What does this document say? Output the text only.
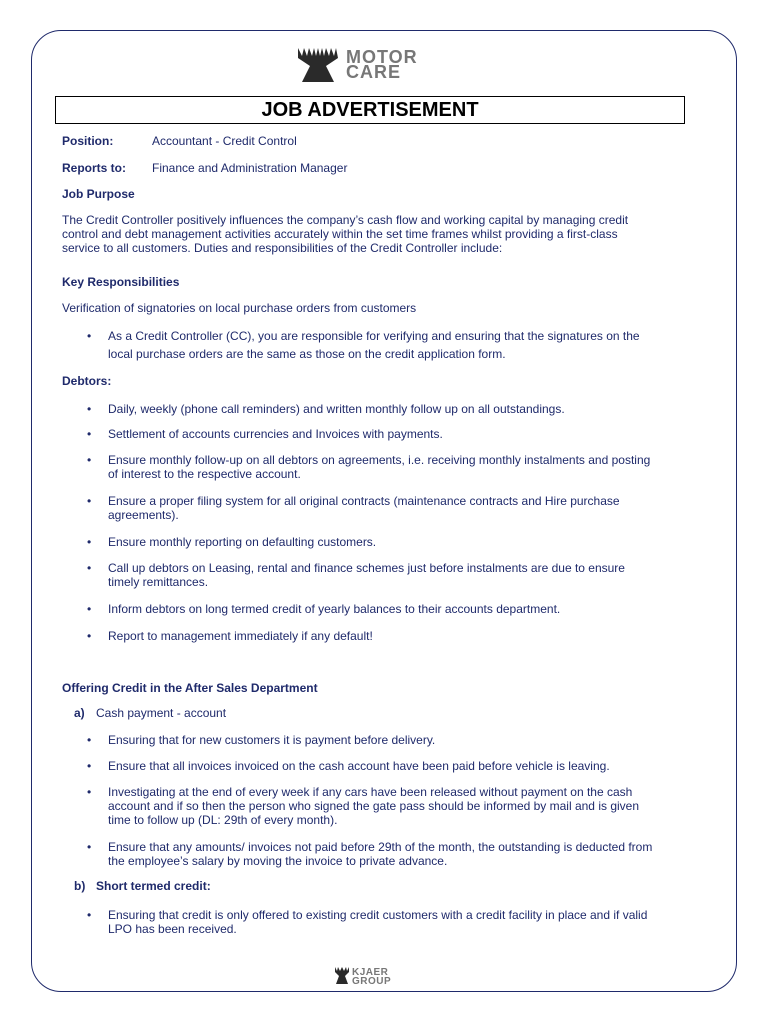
MOTOR
CARE
JOB ADVERTISEMENT
Position:	Accountant - Credit Control
Reports to: Finance and Administration Manager
Job Purpose
The Credit Controller positively influences the company’s cash flow and working capital by managing credit
control and debt management activities accurately within the set time frames whilst providing a first-class
service to all customers. Duties and responsibilities of the Credit Controller include:
Key Responsibilities
Verification of signatories on local purchase orders from customers
• As a Credit Controller (CC), you are responsible for verifying and ensuring that the signatures on the
local purchase orders are the same as those on the credit application form.
Debtors:
• Daily, weekly (phone call reminders) and written monthly follow up on all outstandings.
• Settlement of accounts currencies and Invoices with payments.
• Ensure monthly follow-up on all debtors on agreements, i.e. receiving monthly instalments and posting
of interest to the respective account.
• Ensure a proper filing system for all original contracts (maintenance contracts and Hire purchase
agreements).
• Ensure monthly reporting on defaulting customers.
• Call up debtors on Leasing, rental and finance schemes just before instalments are due to ensure
timely remittances.
• Inform debtors on long termed credit of yearly balances to their accounts department.
• Report to management immediately if any default!
Offering Credit in the After Sales Department
a) Cash payment - account
• Ensuring that for new customers it is payment before delivery.
• Ensure that all invoices invoiced on the cash account have been paid before vehicle is leaving.
• Investigating at the end of every week if any cars have been released without payment on the cash
account and if so then the person who signed the gate pass should be informed by mail and is given
time to follow up (DL: 29th of every month).
• Ensure that any amounts/ invoices not paid before 29th of the month, the outstanding is deducted from
the employee’s salary by moving the invoice to private advance.
b) Short termed credit:
• Ensuring that credit is only offered to existing credit customers with a credit facility in place and if valid
LPO has been received.
KJAER
GROUP
